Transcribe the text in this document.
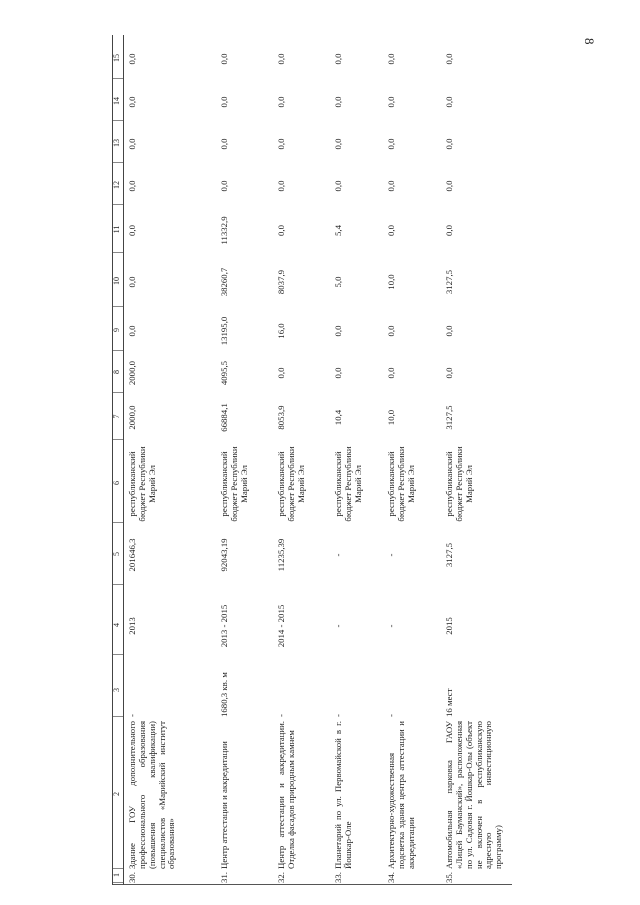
8
1
2
3
4
5
6
7
8
9
10
11
12
13
14
15
30.
Здание ГОУ дополнительного профессионального образования (повышения квалификации) специалистов «Марийский институт образования»
-
2013
201646,3
республиканский бюджет Республики Марий Эл
2000,0
2000,0
0,0
0,0
0,0
0,0
0,0
0,0
0,0
31.
Центр аттестации и аккредитации
1680,3 кв. м
2013 - 2015
92043,19
республиканский бюджет Республики Марий Эл
66884,1
4095,5
13195,0
38260,7
11332,9
0,0
0,0
0,0
0,0
32.
Центр аттестации и аккредитации. Отделка фасадов природным камнем
-
2014 - 2015
11235,39
республиканский бюджет Республики Марий Эл
8053,9
0,0
16,0
8037,9
0,0
0,0
0,0
0,0
0,0
33.
Планетарий по ул. Первомайской в г. Йошкар-Оле
-
-
-
республиканский бюджет Республики Марий Эл
10,4
0,0
0,0
5,0
5,4
0,0
0,0
0,0
0,0
34.
Архитектурно-художественная подсветка здания центра аттестации и аккредитации
-
-
-
республиканский бюджет Республики Марий Эл
10,0
0,0
0,0
10,0
0,0
0,0
0,0
0,0
0,0
35.
Автомобильная парковка ГАОУ «Лицей Бауманский», расположенная по ул. Садовая г. Йошкар-Олы (объект не включен в республиканскую адресную инвестиционную программу)
16 мест
2015
3127,5
республиканский бюджет Республики Марий Эл
3127,5
0,0
0,0
3127,5
0,0
0,0
0,0
0,0
0,0
